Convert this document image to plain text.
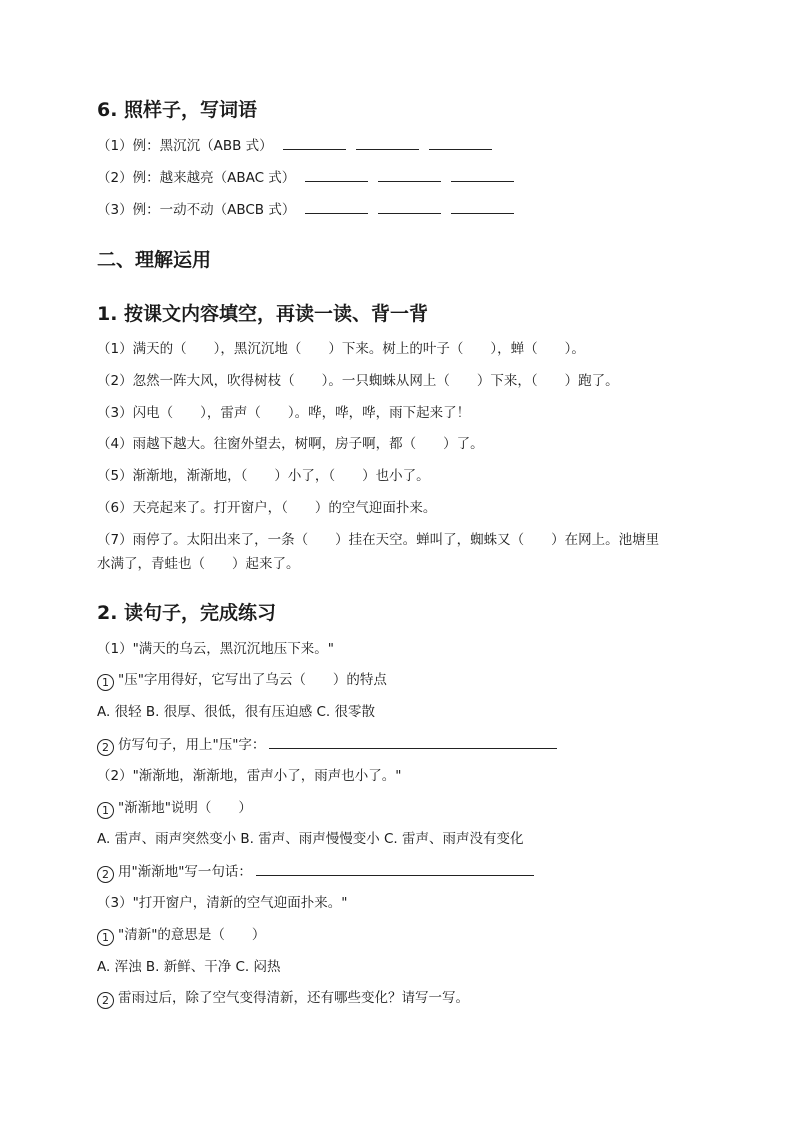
6. 照样子，写词语
（1）例：黑沉沉（ABB 式）
（2）例：越来越亮（ABAC 式）
（3）例：一动不动（ABCB 式）
二、理解运用
1. 按课文内容填空，再读一读、背一背
（1）满天的（　　），黑沉沉地（　　）下来。树上的叶子（　　），蝉（　　）。
（2）忽然一阵大风，吹得树枝（　　）。一只蜘蛛从网上（　　）下来，（　　）跑了。
（3）闪电（　　），雷声（　　）。哗，哗，哗，雨下起来了！
（4）雨越下越大。往窗外望去，树啊，房子啊，都（　　）了。
（5）渐渐地，渐渐地，（　　）小了，（　　）也小了。
（6）天亮起来了。打开窗户，（　　）的空气迎面扑来。
（7）雨停了。太阳出来了，一条（　　）挂在天空。蝉叫了，蜘蛛又（　　）在网上。池塘里
水满了，青蛙也（　　）起来了。
2. 读句子，完成练习
（1）"满天的乌云，黑沉沉地压下来。"
1 "压"字用得好，它写出了乌云（　　）的特点
A. 很轻 B. 很厚、很低，很有压迫感 C. 很零散
2 仿写句子，用上"压"字：
（2）"渐渐地，渐渐地，雷声小了，雨声也小了。"
1 "渐渐地"说明（　　）
A. 雷声、雨声突然变小 B. 雷声、雨声慢慢变小 C. 雷声、雨声没有变化
2 用"渐渐地"写一句话：
（3）"打开窗户，清新的空气迎面扑来。"
1 "清新"的意思是（　　）
A. 浑浊 B. 新鲜、干净 C. 闷热
2 雷雨过后，除了空气变得清新，还有哪些变化？请写一写。
